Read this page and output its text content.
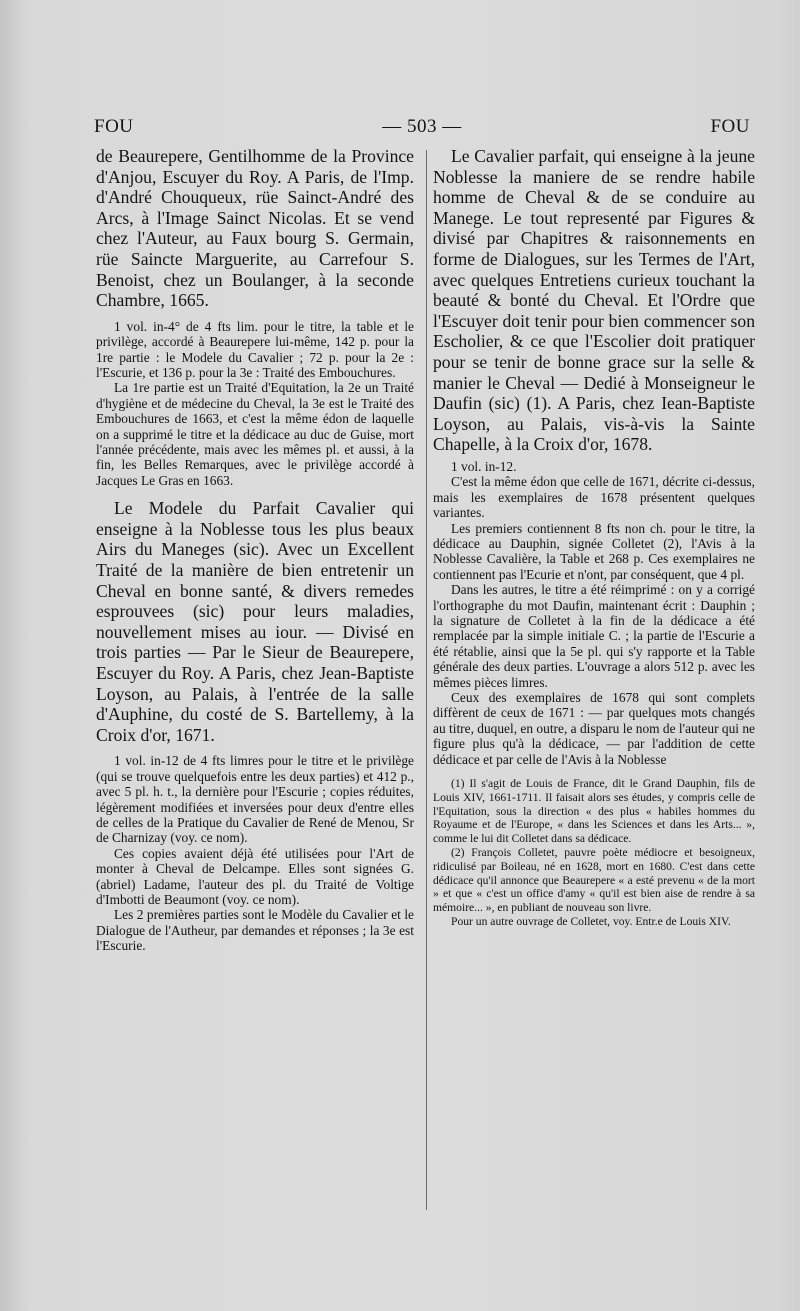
FOU	— 503 —	FOU

de Beaurepere, Gentilhomme de la Province d'Anjou, Escuyer du Roy. A Paris, de l'Imp. d'André Chouqueux, rüe Sainct-André des Arcs, à l'Image Sainct Nicolas. Et se vend chez l'Auteur, au Faux bourg S. Germain, rüe Saincte Marguerite, au Carrefour S. Benoist, chez un Boulanger, à la seconde Chambre, 1665.

1 vol. in-4° de 4 fts lim. pour le titre, la table et le privilège, accordé à Beaurepere lui-même, 142 p. pour la 1re partie : le Modele du Cavalier ; 72 p. pour la 2e : l'Escurie, et 136 p. pour la 3e : Traité des Embouchures.

La 1re partie est un Traité d'Equitation, la 2e un Traité d'hygiène et de médecine du Cheval, la 3e est le Traité des Embouchures de 1663, et c'est la même édon de laquelle on a supprimé le titre et la dédicace au duc de Guise, mort l'année précédente, mais avec les mêmes pl. et aussi, à la fin, les Belles Remarques, avec le privilège accordé à Jacques Le Gras en 1663.

Le Modele du Parfait Cavalier qui enseigne à la Noblesse tous les plus beaux Airs du Maneges (sic). Avec un Excellent Traité de la manière de bien entretenir un Cheval en bonne santé, & divers remedes esprouvees (sic) pour leurs maladies, nouvellement mises au iour. — Divisé en trois parties — Par le Sieur de Beaurepere, Escuyer du Roy. A Paris, chez Jean-Baptiste Loyson, au Palais, à l'entrée de la salle d'Auphine, du costé de S. Bartellemy, à la Croix d'or, 1671.

1 vol. in-12 de 4 fts limres pour le titre et le privilège (qui se trouve quelquefois entre les deux parties) et 412 p., avec 5 pl. h. t., la dernière pour l'Escurie ; copies réduites, légèrement modifiées et inversées pour deux d'entre elles de celles de la Pratique du Cavalier de René de Menou, Sr de Charnizay (voy. ce nom).

Ces copies avaient déjà été utilisées pour l'Art de monter à Cheval de Delcampe. Elles sont signées G.(abriel) Ladame, l'auteur des pl. du Traité de Voltige d'Imbotti de Beaumont (voy. ce nom).

Les 2 premières parties sont le Modèle du Cavalier et le Dialogue de l'Autheur, par demandes et réponses ; la 3e est l'Escurie.

Le Cavalier parfait, qui enseigne à la jeune Noblesse la maniere de se rendre habile homme de Cheval & de se conduire au Manege. Le tout representé par Figures & divisé par Chapitres & raisonnements en forme de Dialogues, sur les Termes de l'Art, avec quelques Entretiens curieux touchant la beauté & bonté du Cheval. Et l'Ordre que l'Escuyer doit tenir pour bien commencer son Escholier, & ce que l'Escolier doit pratiquer pour se tenir de bonne grace sur la selle & manier le Cheval — Dedié à Monseigneur le Daufin (sic) (1). A Paris, chez Iean-Baptiste Loyson, au Palais, vis-à-vis la Sainte Chapelle, à la Croix d'or, 1678.

1 vol. in-12.

C'est la même édon que celle de 1671, décrite ci-dessus, mais les exemplaires de 1678 présentent quelques variantes.

Les premiers contiennent 8 fts non ch. pour le titre, la dédicace au Dauphin, signée Colletet (2), l'Avis à la Noblesse Cavalière, la Table et 268 p. Ces exemplaires ne contiennent pas l'Ecurie et n'ont, par conséquent, que 4 pl.

Dans les autres, le titre a été réimprimé : on y a corrigé l'orthographe du mot Daufin, maintenant écrit : Dauphin ; la signature de Colletet à la fin de la dédicace a été remplacée par la simple initiale C. ; la partie de l'Escurie a été rétablie, ainsi que la 5e pl. qui s'y rapporte et la Table générale des deux parties. L'ouvrage a alors 512 p. avec les mêmes pièces limres.

Ceux des exemplaires de 1678 qui sont complets diffèrent de ceux de 1671 : — par quelques mots changés au titre, duquel, en outre, a disparu le nom de l'auteur qui ne figure plus qu'à la dédicace, — par l'addition de cette dédicace et par celle de l'Avis à la Noblesse

(1) Il s'agit de Louis de France, dit le Grand Dauphin, fils de Louis XIV, 1661-1711. Il faisait alors ses études, y compris celle de l'Equitation, sous la direction « des plus « habiles hommes du Royaume et de l'Europe, « dans les Sciences et dans les Arts... », comme le lui dit Colletet dans sa dédicace.

(2) François Colletet, pauvre poète médiocre et besoigneux, ridiculisé par Boileau, né en 1628, mort en 1680. C'est dans cette dédicace qu'il annonce que Beaurepere « a esté prevenu « de la mort » et que « c'est un office d'amy « qu'il est bien aise de rendre à sa mémoire... », en publiant de nouveau son livre.

Pour un autre ouvrage de Colletet, voy. Entr.e de Louis XIV.
